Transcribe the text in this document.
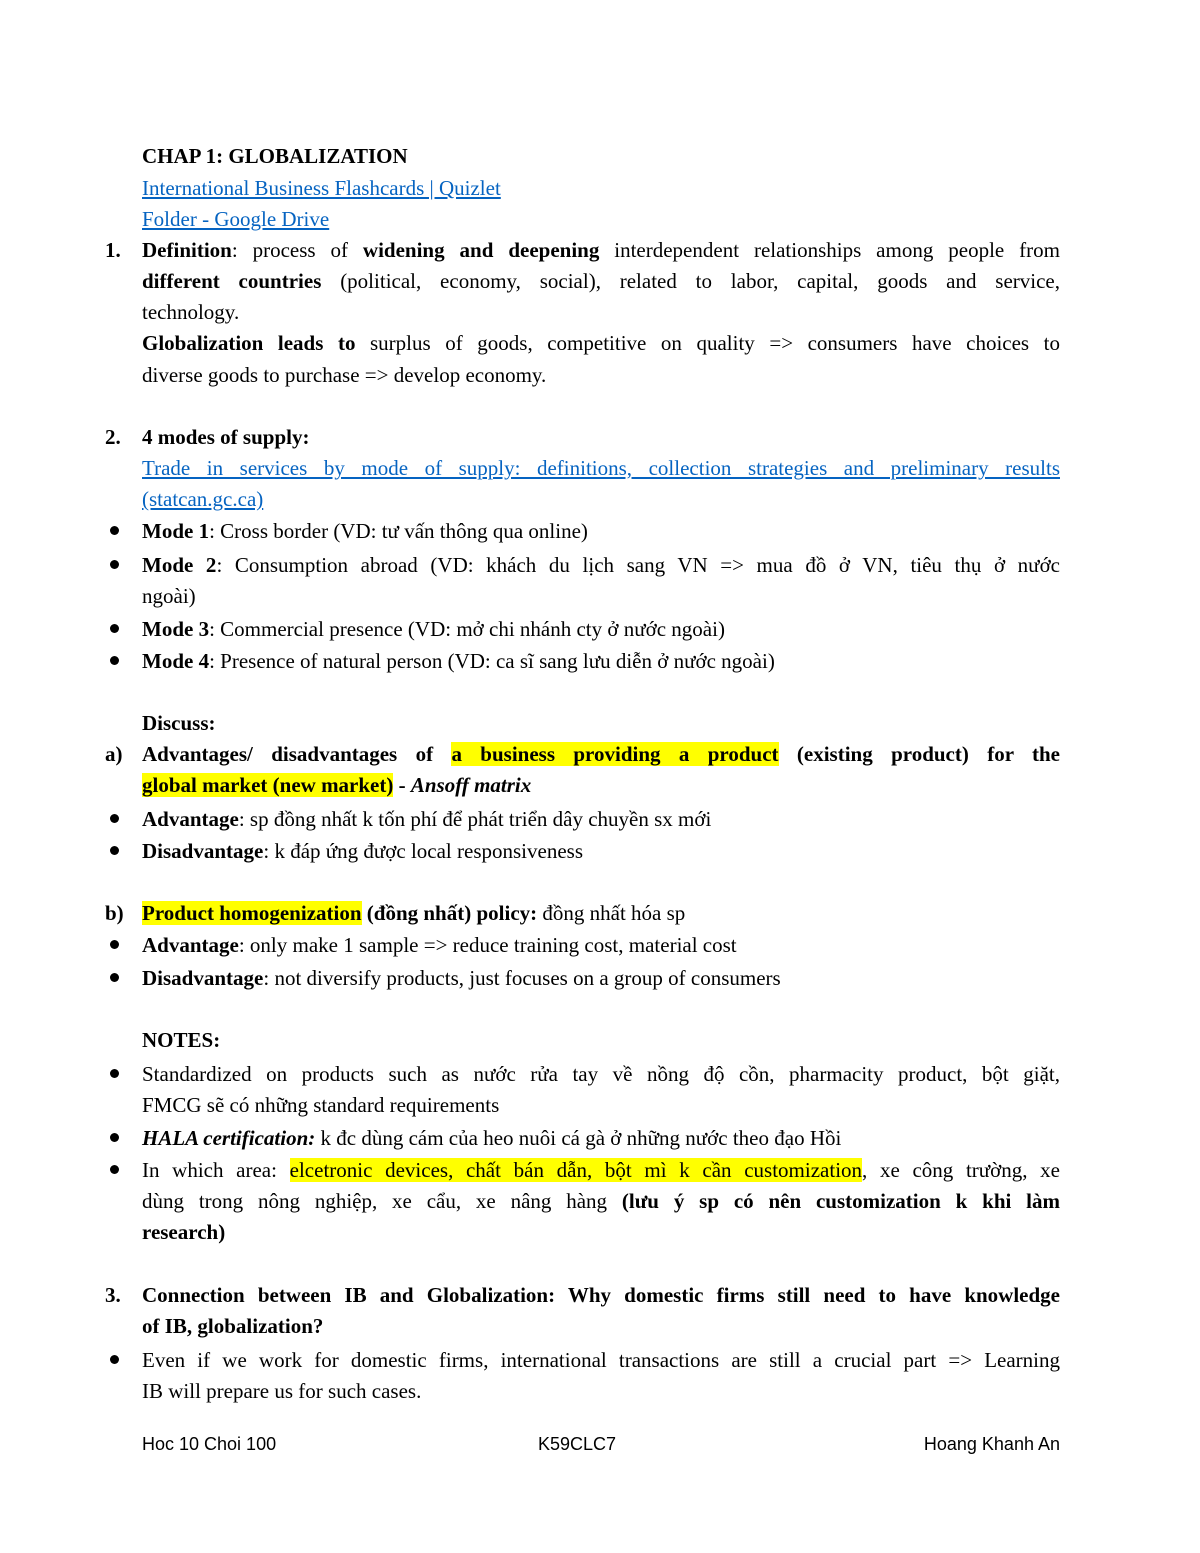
CHAP 1: GLOBALIZATION
International Business Flashcards | Quizlet
Folder - Google Drive
1. Definition: process of widening and deepening interdependent relationships among people from
different countries (political, economy, social), related to labor, capital, goods and service,
technology.
Globalization leads to surplus of goods, competitive on quality => consumers have choices to
diverse goods to purchase => develop economy.
2. 4 modes of supply:
Trade in services by mode of supply: definitions, collection strategies and preliminary results
(statcan.gc.ca)
Mode 1: Cross border (VD: tư vấn thông qua online)
Mode 2: Consumption abroad (VD: khách du lịch sang VN => mua đồ ở VN, tiêu thụ ở nước
ngoài)
Mode 3: Commercial presence (VD: mở chi nhánh cty ở nước ngoài)
Mode 4: Presence of natural person (VD: ca sĩ sang lưu diễn ở nước ngoài)
Discuss:
a) Advantages/ disadvantages of a business providing a product (existing product) for the
global market (new market) - Ansoff matrix
Advantage: sp đồng nhất k tốn phí để phát triển dây chuyền sx mới
Disadvantage: k đáp ứng được local responsiveness
b) Product homogenization (đồng nhất) policy: đồng nhất hóa sp
Advantage: only make 1 sample => reduce training cost, material cost
Disadvantage: not diversify products, just focuses on a group of consumers
NOTES:
Standardized on products such as nước rửa tay về nồng độ cồn, pharmacity product, bột giặt,
FMCG sẽ có những standard requirements
HALA certification: k đc dùng cám của heo nuôi cá gà ở những nước theo đạo Hồi
In which area: elcetronic devices, chất bán dẫn, bột mì k cần customization, xe công trường, xe
dùng trong nông nghiệp, xe cẩu, xe nâng hàng (lưu ý sp có nên customization k khi làm
research)
3. Connection between IB and Globalization: Why domestic firms still need to have knowledge
of IB, globalization?
Even if we work for domestic firms, international transactions are still a crucial part => Learning
IB will prepare us for such cases.
Hoc 10 Choi 100	K59CLC7	Hoang Khanh An
